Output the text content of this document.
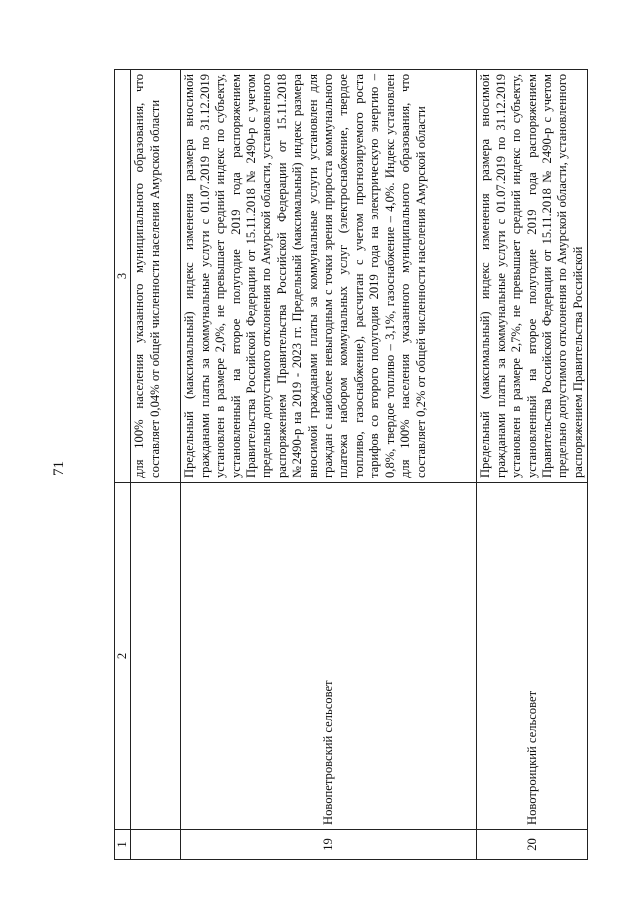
71
1	2	3
		для 100% населения указанного муниципального образования, что составляет 0,04% от общей численности населения Амурской области
19	Новопетровский сельсовет	Предельный (максимальный) индекс изменения размера вносимой гражданами платы за коммунальные услуги с 01.07.2019 по 31.12.2019 установлен в размере 2,0%, не превышает средний индекс по субъекту, установленный на второе полугодие 2019 года распоряжением Правительства Российской Федерации от 15.11.2018 № 2490-р с учетом предельно допустимого отклонения по Амурской области, установленного распоряжением Правительства Российской Федерации от 15.11.2018 №2490-р на 2019 - 2023 гг. Предельный (максимальный) индекс размера вносимой гражданами платы за коммунальные услуги установлен для граждан с наиболее невыгодным с точки зрения прироста коммунального платежа набором коммунальных услуг (электроснабжение, твердое топливо, газоснабжение), рассчитан с учетом прогнозируемого роста тарифов со второго полугодия 2019 года на электрическую энергию – 0,8%, твердое топливо – 3,1%, газоснабжение – 4,0%. Индекс установлен для 100% населения указанного муниципального образования, что составляет 0,2% от общей численности населения Амурской области
20	Новотроицкий сельсовет	Предельный (максимальный) индекс изменения размера вносимой гражданами платы за коммунальные услуги с 01.07.2019 по 31.12.2019 установлен в размере 2,7%, не превышает средний индекс по субъекту, установленный на второе полугодие 2019 года распоряжением Правительства Российской Федерации от 15.11.2018 № 2490-р с учетом предельно допустимого отклонения по Амурской области, установленного распоряжением Правительства Российской
